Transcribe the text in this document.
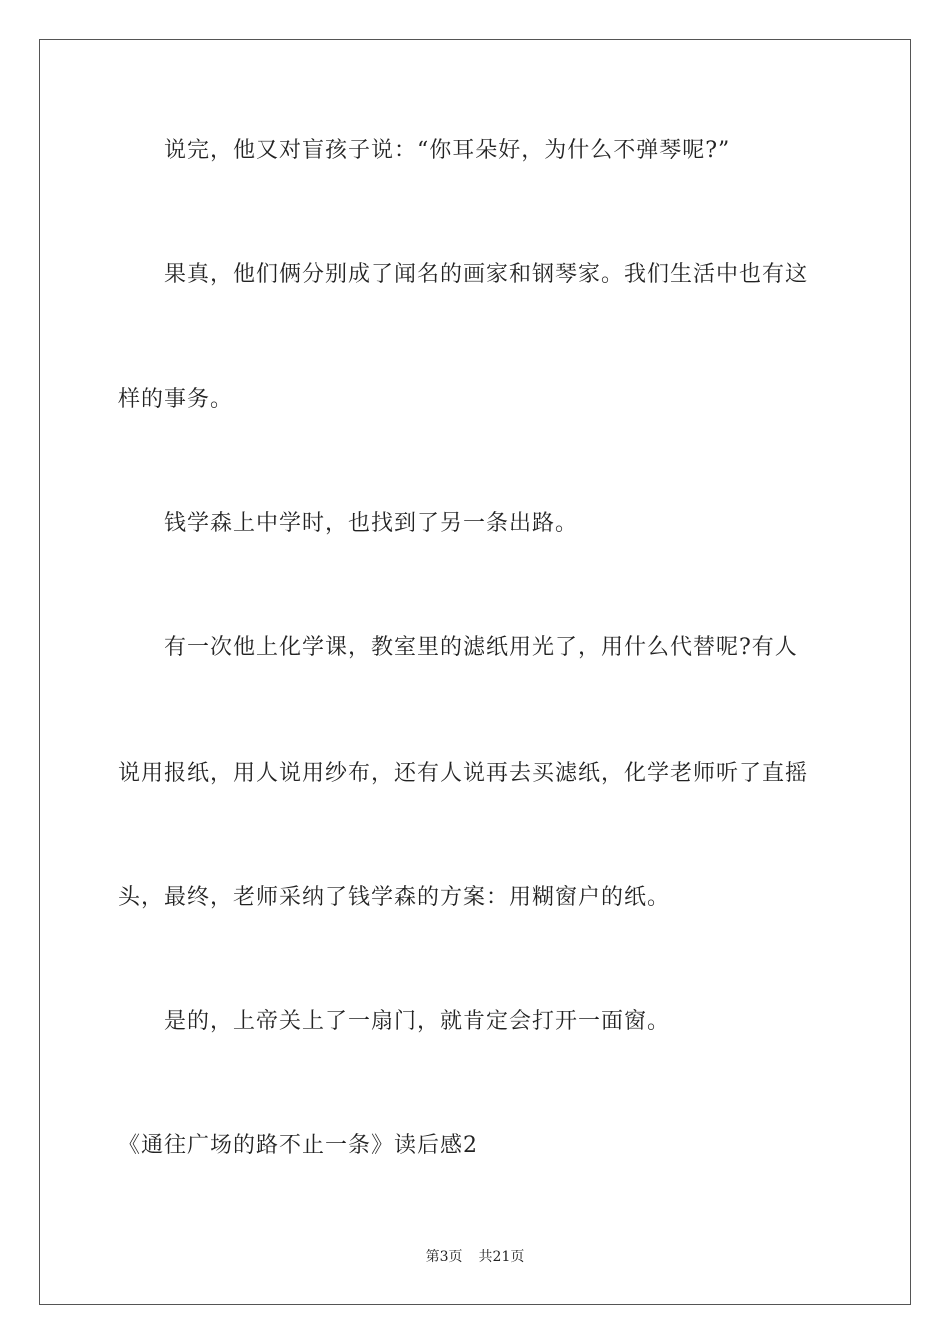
说完，他又对盲孩子说：“你耳朵好，为什么不弹琴呢?”
果真，他们俩分别成了闻名的画家和钢琴家。我们生活中也有这
样的事务。
钱学森上中学时，也找到了另一条出路。
有一次他上化学课，教室里的滤纸用光了，用什么代替呢?有人
说用报纸，用人说用纱布，还有人说再去买滤纸，化学老师听了直摇
头，最终，老师采纳了钱学森的方案：用糊窗户的纸。
是的，上帝关上了一扇门，就肯定会打开一面窗。
《通往广场的路不止一条》读后感2
第3页 共21页
